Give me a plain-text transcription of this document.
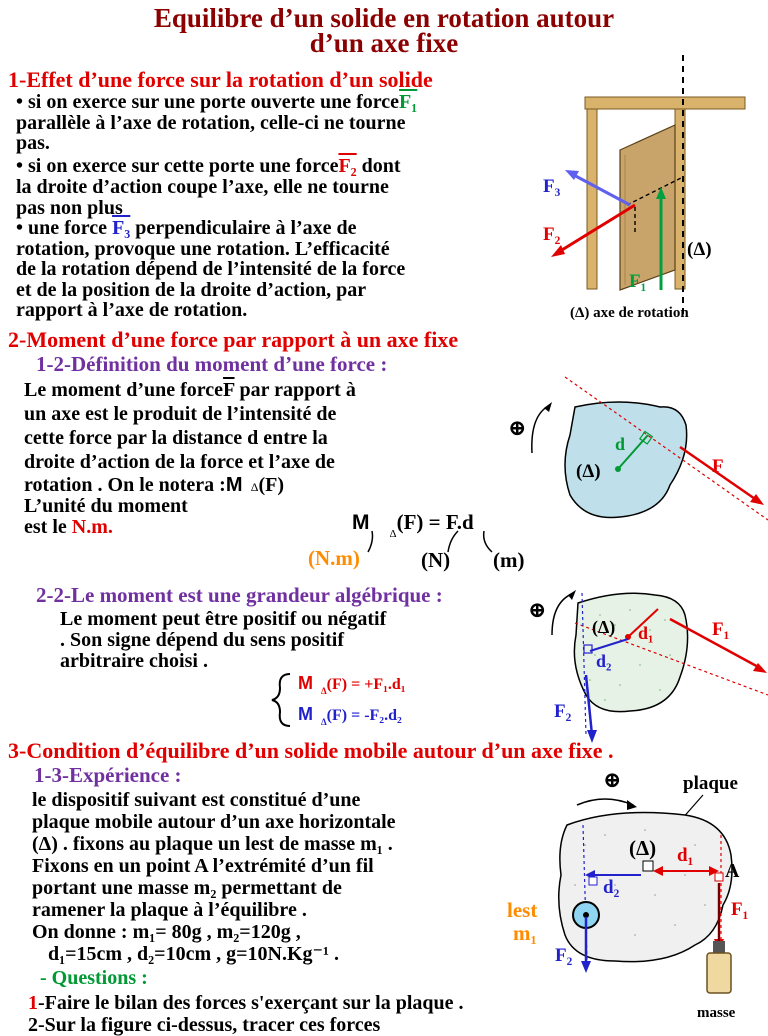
Equilibre d’un solide en rotation autour
d’un axe fixe
1-Effet d’une force sur la rotation d’un solide
• si on exerce sur une porte ouverte une forceF₁
parallèle à l’axe de rotation, celle-ci ne tourne
pas.
• si on exerce sur cette porte une forceF₂ dont
la droite d’action coupe l’axe, elle ne tourne
pas non plus
• une force F₃ perpendiculaire à l’axe de
rotation, provoque une rotation. L’efficacité
de la rotation dépend de l’intensité de la force
et de la position de la droite d’action, par
rapport à l’axe de rotation.
F₃
F₂
F₁
(Δ)
(Δ) axe de rotation
2-Moment d’une force par rapport à un axe fixe
1-2-Définition du moment d’une force :
Le moment d’une $force\overline{F}$ par rapport à
un axe est le produit de l’intensité de
cette force par la distance d entre la
droite d’action de la force et l’axe de
rotation . On le notera :M Δ(F)
L’unité du moment
est le N.m.	M $_\Delta$(F) = F.d
(N.m)	(N) (m)
⊕
d
(Δ)	F
2-2-Le moment est une grandeur algébrique :
Le moment peut être positif ou négatif
. Son signe dépend du sens positif
arbitraire choisi .
M $_\Delta$(F) = +F₁.d₁
M $_\Delta$(F) = -F₂.d₂
⊕
(Δ) d₁
d₂
F₁
F₂
3-Condition d’équilibre d’un solide mobile autour d’un axe fixe .
1-3-Expérience :
le dispositif suivant est constitué d’une
plaque mobile autour d’un axe horizontale
(Δ) . fixons au plaque un lest de masse m₁ .
Fixons en un point A l’extrémité d’un fil
portant une masse m₂ permettant de
ramener la plaque à l’équilibre .
On donne : m₁= 80g , m₂=120g ,
d₁=15cm , d₂=10cm , g=10N.Kg⁻¹ .
- Questions :
1-Faire le bilan des forces s'exerçant sur la plaque .
2-Sur la figure ci-dessus, tracer ces forces
⊕	plaque
(Δ) d₁
A
d₂
F₂
lest
m₁
F₁
masse
